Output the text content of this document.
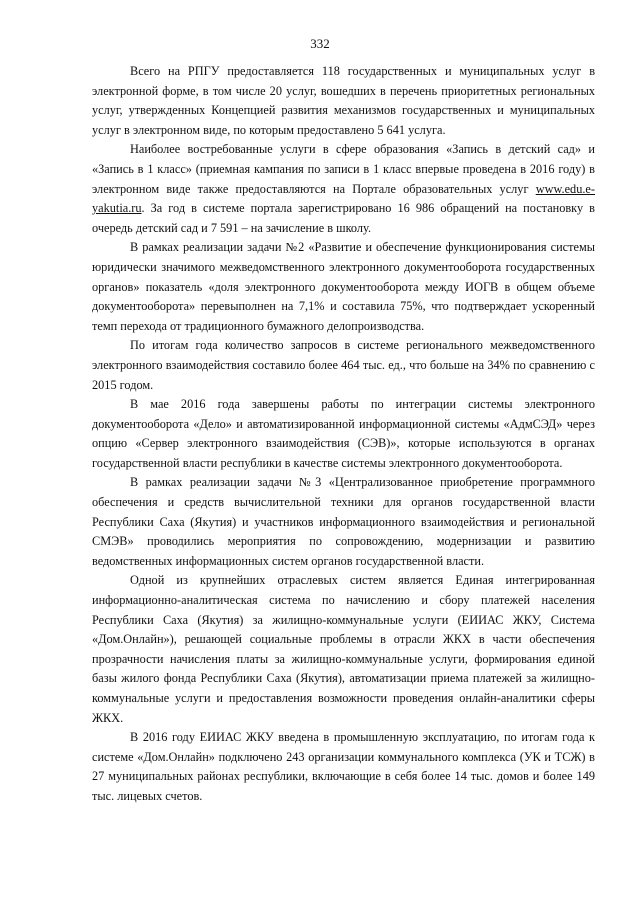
332

Всего на РПГУ предоставляется 118 государственных и муниципальных услуг в электронной форме, в том числе 20 услуг, вошедших в перечень приоритетных региональных услуг, утвержденных Концепцией развития механизмов государственных и муниципальных услуг в электронном виде, по которым предоставлено 5 641 услуга.

Наиболее востребованные услуги в сфере образования «Запись в детский сад» и «Запись в 1 класс» (приемная кампания по записи в 1 класс впервые проведена в 2016 году) в электронном виде также предоставляются на Портале образовательных услуг www.edu.e-yakutia.ru. За год в системе портала зарегистрировано 16 986 обращений на постановку в очередь детский сад и 7 591 – на зачисление в школу.

В рамках реализации задачи №2 «Развитие и обеспечение функционирования системы юридически значимого межведомственного электронного документооборота государственных органов» показатель «доля электронного документооборота между ИОГВ в общем объеме документооборота» перевыполнен на 7,1% и составила 75%, что подтверждает ускоренный темп перехода от традиционного бумажного делопроизводства.

По итогам года количество запросов в системе регионального межведомственного электронного взаимодействия составило более 464 тыс. ед., что больше на 34% по сравнению с 2015 годом.

В мае 2016 года завершены работы по интеграции системы электронного документооборота «Дело» и автоматизированной информационной системы «АдмСЭД» через опцию «Сервер электронного взаимодействия (СЭВ)», которые используются в органах государственной власти республики в качестве системы электронного документооборота.

В рамках реализации задачи №3 «Централизованное приобретение программного обеспечения и средств вычислительной техники для органов государственной власти Республики Саха (Якутия) и участников информационного взаимодействия и региональной СМЭВ» проводились мероприятия по сопровождению, модернизации и развитию ведомственных информационных систем органов государственной власти.

Одной из крупнейших отраслевых систем является Единая интегрированная информационно-аналитическая система по начислению и сбору платежей населения Республики Саха (Якутия) за жилищно-коммунальные услуги (ЕИИАС ЖКУ, Система «Дом.Онлайн»), решающей социальные проблемы в отрасли ЖКХ в части обеспечения прозрачности начисления платы за жилищно-коммунальные услуги, формирования единой базы жилого фонда Республики Саха (Якутия), автоматизации приема платежей за жилищно-коммунальные услуги и предоставления возможности проведения онлайн-аналитики сферы ЖКХ.

В 2016 году ЕИИАС ЖКУ введена в промышленную эксплуатацию, по итогам года к системе «Дом.Онлайн» подключено 243 организации коммунального комплекса (УК и ТСЖ) в 27 муниципальных районах республики, включающие в себя более 14 тыс. домов и более 149 тыс. лицевых счетов.
